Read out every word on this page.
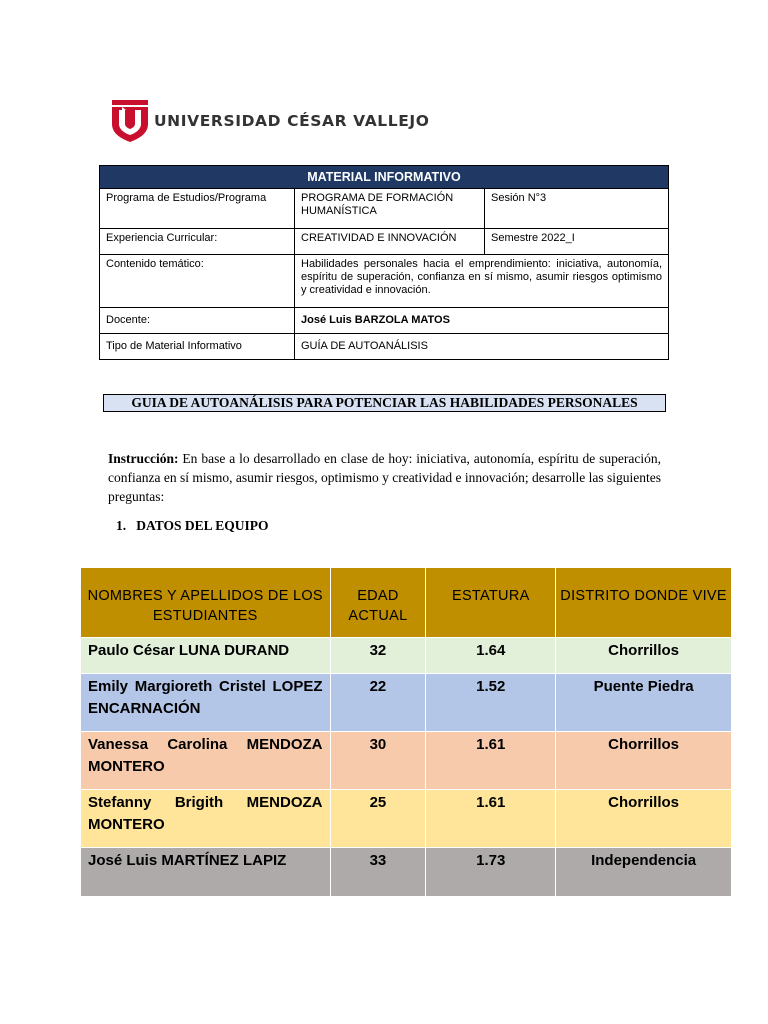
UNIVERSIDAD CÉSAR VALLEJO
MATERIAL INFORMATIVO		
Programa de Estudios/Programa	PROGRAMA DE FORMACIÓN HUMANÍSTICA	Sesión N°3
Experiencia Curricular:	CREATIVIDAD E INNOVACIÓN	Semestre 2022_I
Contenido temático:	Habilidades personales hacia el emprendimiento: iniciativa, autonomía, espíritu de superación, confianza en sí mismo, asumir riesgos optimismo y creatividad e innovación.	
Docente:	José Luis BARZOLA MATOS	
Tipo de Material Informativo	GUÍA DE AUTOANÁLISIS	
GUIA DE AUTOANÁLISIS PARA POTENCIAR LAS HABILIDADES PERSONALES
Instrucción: En base a lo desarrollado en clase de hoy: iniciativa, autonomía, espíritu de superación, confianza en sí mismo, asumir riesgos, optimismo y creatividad e innovación; desarrolle las siguientes preguntas:
1. DATOS DEL EQUIPO
NOMBRES Y APELLIDOS DE LOS ESTUDIANTES	EDAD ACTUAL	ESTATURA	DISTRITO DONDE VIVE
Paulo César LUNA DURAND	32	1.64	Chorrillos
Emily Margioreth Cristel LOPEZ ENCARNACIÓN	22	1.52	Puente Piedra
Vanessa Carolina MENDOZA MONTERO	30	1.61	Chorrillos
Stefanny Brigith MENDOZA MONTERO	25	1.61	Chorrillos
José Luis MARTÍNEZ LAPIZ	33	1.73	Independencia
